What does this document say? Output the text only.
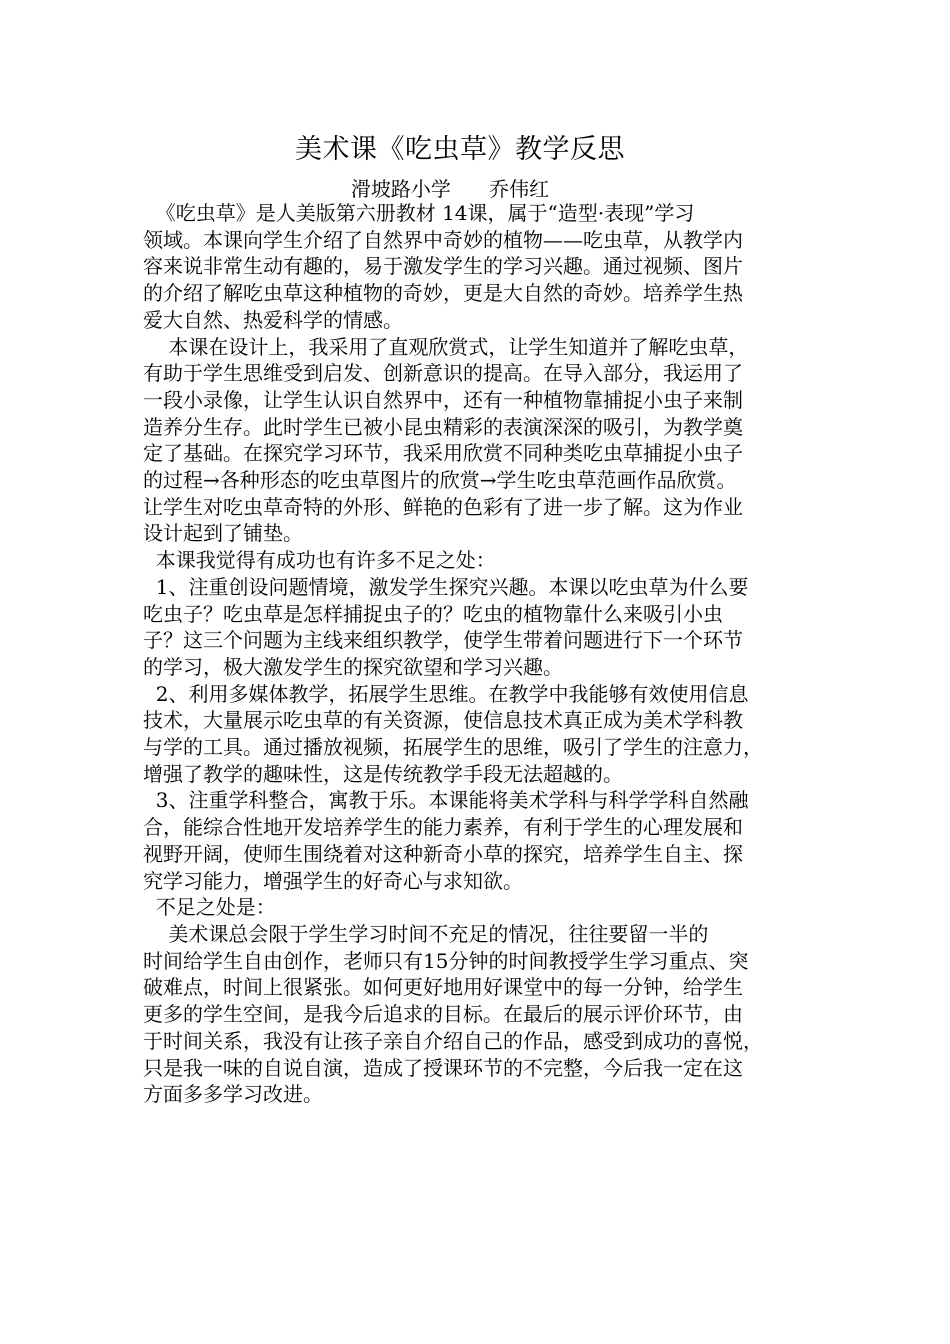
美术课《吃虫草》教学反思
滑坡路小学      乔伟红
《吃虫草》是人美版第六册教材 14课，属于“造型·表现”学习
领域。本课向学生介绍了自然界中奇妙的植物——吃虫草，从教学内
容来说非常生动有趣的，易于激发学生的学习兴趣。通过视频、图片
的介绍了解吃虫草这种植物的奇妙，更是大自然的奇妙。培养学生热
爱大自然、热爱科学的情感。
本课在设计上，我采用了直观欣赏式，让学生知道并了解吃虫草，
有助于学生思维受到启发、创新意识的提高。在导入部分，我运用了
一段小录像，让学生认识自然界中，还有一种植物靠捕捉小虫子来制
造养分生存。此时学生已被小昆虫精彩的表演深深的吸引，为教学奠
定了基础。在探究学习环节，我采用欣赏不同种类吃虫草捕捉小虫子
的过程→各种形态的吃虫草图片的欣赏→学生吃虫草范画作品欣赏。
让学生对吃虫草奇特的外形、鲜艳的色彩有了进一步了解。这为作业
设计起到了铺垫。
本课我觉得有成功也有许多不足之处：
1、注重创设问题情境，激发学生探究兴趣。本课以吃虫草为什么要
吃虫子？吃虫草是怎样捕捉虫子的？吃虫的植物靠什么来吸引小虫
子？这三个问题为主线来组织教学，使学生带着问题进行下一个环节
的学习，极大激发学生的探究欲望和学习兴趣。
2、利用多媒体教学，拓展学生思维。在教学中我能够有效使用信息
技术，大量展示吃虫草的有关资源，使信息技术真正成为美术学科教
与学的工具。通过播放视频，拓展学生的思维，吸引了学生的注意力，
增强了教学的趣味性，这是传统教学手段无法超越的。
3、注重学科整合，寓教于乐。本课能将美术学科与科学学科自然融
合，能综合性地开发培养学生的能力素养，有利于学生的心理发展和
视野开阔，使师生围绕着对这种新奇小草的探究，培养学生自主、探
究学习能力，增强学生的好奇心与求知欲。
不足之处是：
美术课总会限于学生学习时间不充足的情况，往往要留一半的
时间给学生自由创作，老师只有15分钟的时间教授学生学习重点、突
破难点，时间上很紧张。如何更好地用好课堂中的每一分钟，给学生
更多的学生空间，是我今后追求的目标。在最后的展示评价环节，由
于时间关系，我没有让孩子亲自介绍自己的作品，感受到成功的喜悦，
只是我一味的自说自演，造成了授课环节的不完整，今后我一定在这
方面多多学习改进。
